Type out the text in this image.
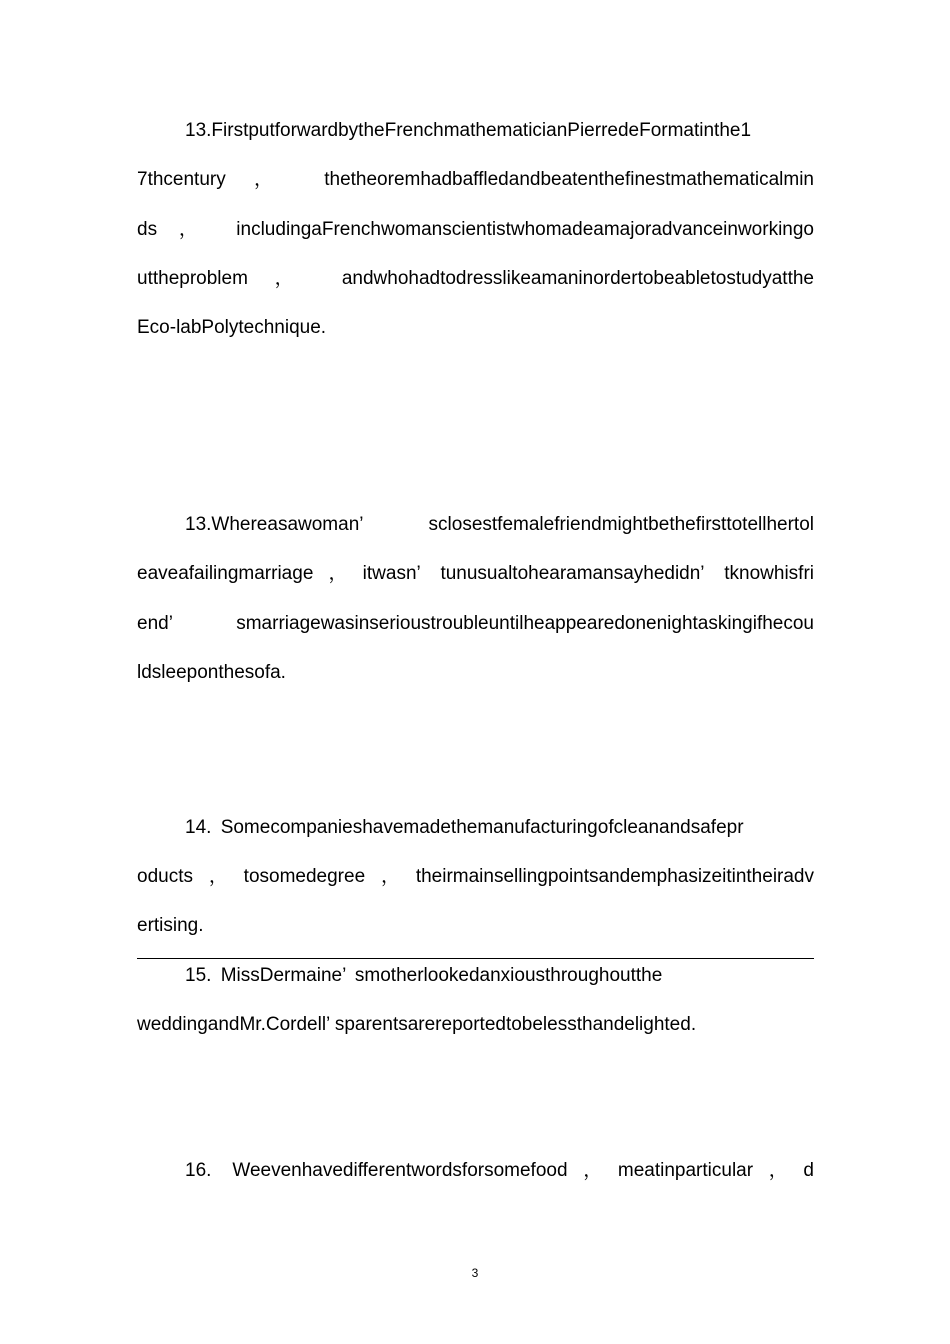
13.FirstputforwardbytheFrenchmathematicianPierredeFormatinthe1
7thcentury ， thetheoremhadbaffledandbeatenthefinestmathematicalmin
ds ， includingaFrenchwomanscientistwhomadeamajoradvanceinworkingo
uttheproblem ， andwhohadtodresslikeamaninordertobeabletostudyatthe
Eco-labPolytechnique.
13.Whereasawoman’ sclosestfemalefriendmightbethefirsttotellhertol
eaveafailingmarriage，itwasn’ tunusualtohearamansayhedidn’ tknowhisfri
end’ smarriagewasinserioustroubleuntilheappearedonenightaskingifhecou
ldsleeponthesofa.
14. Somecompanieshavemadethemanufacturingofcleanandsafepr
oducts，tosomedegree，theirmainsellingpointsandemphasizeitintheiradv
ertising.
15. MissDermaine’ smotherlookedanxiousthroughoutthe
weddingandMr.Cordell’ sparentsarereportedtobelessthandelighted.
16. Weevenhavedifferentwordsforsomefood，meatinparticular，d
3
